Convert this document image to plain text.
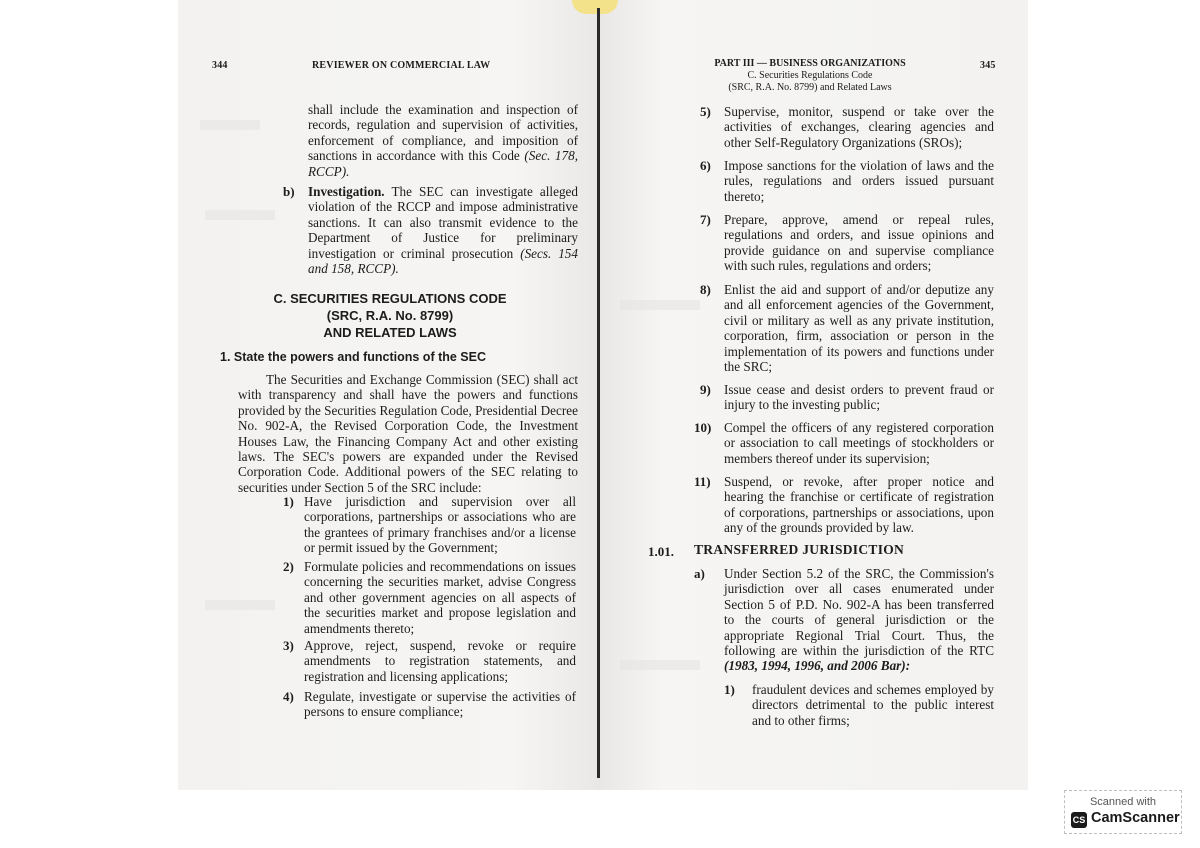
344	REVIEWER ON COMMERCIAL LAW

shall include the examination and inspection of records, regulation and supervision of activities, enforcement of compliance, and imposition of sanctions in accordance with this Code (Sec. 178, RCCP).

b) Investigation. The SEC can investigate alleged violation of the RCCP and impose administrative sanctions. It can also transmit evidence to the Department of Justice for preliminary investigation or criminal prosecution (Secs. 154 and 158, RCCP).

C. SECURITIES REGULATIONS CODE
(SRC, R.A. No. 8799)
AND RELATED LAWS
1. State the powers and functions of the SEC

The Securities and Exchange Commission (SEC) shall act with transparency and shall have the powers and functions provided by the Securities Regulation Code, Presidential Decree No. 902-A, the Revised Corporation Code, the Investment Houses Law, the Financing Company Act and other existing laws. The SEC's powers are expanded under the Revised Corporation Code. Additional powers of the SEC relating to securities under Section 5 of the SRC include:

1) Have jurisdiction and supervision over all corporations, partnerships or associations who are the grantees of primary franchises and/or a license or permit issued by the Government;

2) Formulate policies and recommendations on issues concerning the securities market, advise Congress and other government agencies on all aspects of the securities market and propose legislation and amendments thereto;

3) Approve, reject, suspend, revoke or require amendments to registration statements, and registration and licensing applications;

4) Regulate, investigate or supervise the activities of persons to ensure compliance;

PART III — BUSINESS ORGANIZATIONS
C. Securities Regulations Code
(SRC, R.A. No. 8799) and Related Laws
345
5) Supervise, monitor, suspend or take over the activities of exchanges, clearing agencies and other Self-Regulatory Organizations (SROs);

6) Impose sanctions for the violation of laws and the rules, regulations and orders issued pursuant thereto;

7) Prepare, approve, amend or repeal rules, regulations and orders, and issue opinions and provide guidance on and supervise compliance with such rules, regulations and orders;

8) Enlist the aid and support of and/or deputize any and all enforcement agencies of the Government, civil or military as well as any private institution, corporation, firm, association or person in the implementation of its powers and functions under the SRC;

9) Issue cease and desist orders to prevent fraud or injury to the investing public;

10) Compel the officers of any registered corporation or association to call meetings of stockholders or members thereof under its supervision;

11) Suspend, or revoke, after proper notice and hearing the franchise or certificate of registration of corporations, partnerships or associations, upon any of the grounds provided by law.

1.01. TRANSFERRED JURISDICTION
a) Under Section 5.2 of the SRC, the Commission's jurisdiction over all cases enumerated under Section 5 of P.D. No. 902-A has been transferred to the courts of general jurisdiction or the appropriate Regional Trial Court. Thus, the following are within the jurisdiction of the RTC (1983, 1994, 1996, and 2006 Bar):

1) fraudulent devices and schemes employed by directors detrimental to the public interest and to other firms;

Scanned with
CS CamScanner
